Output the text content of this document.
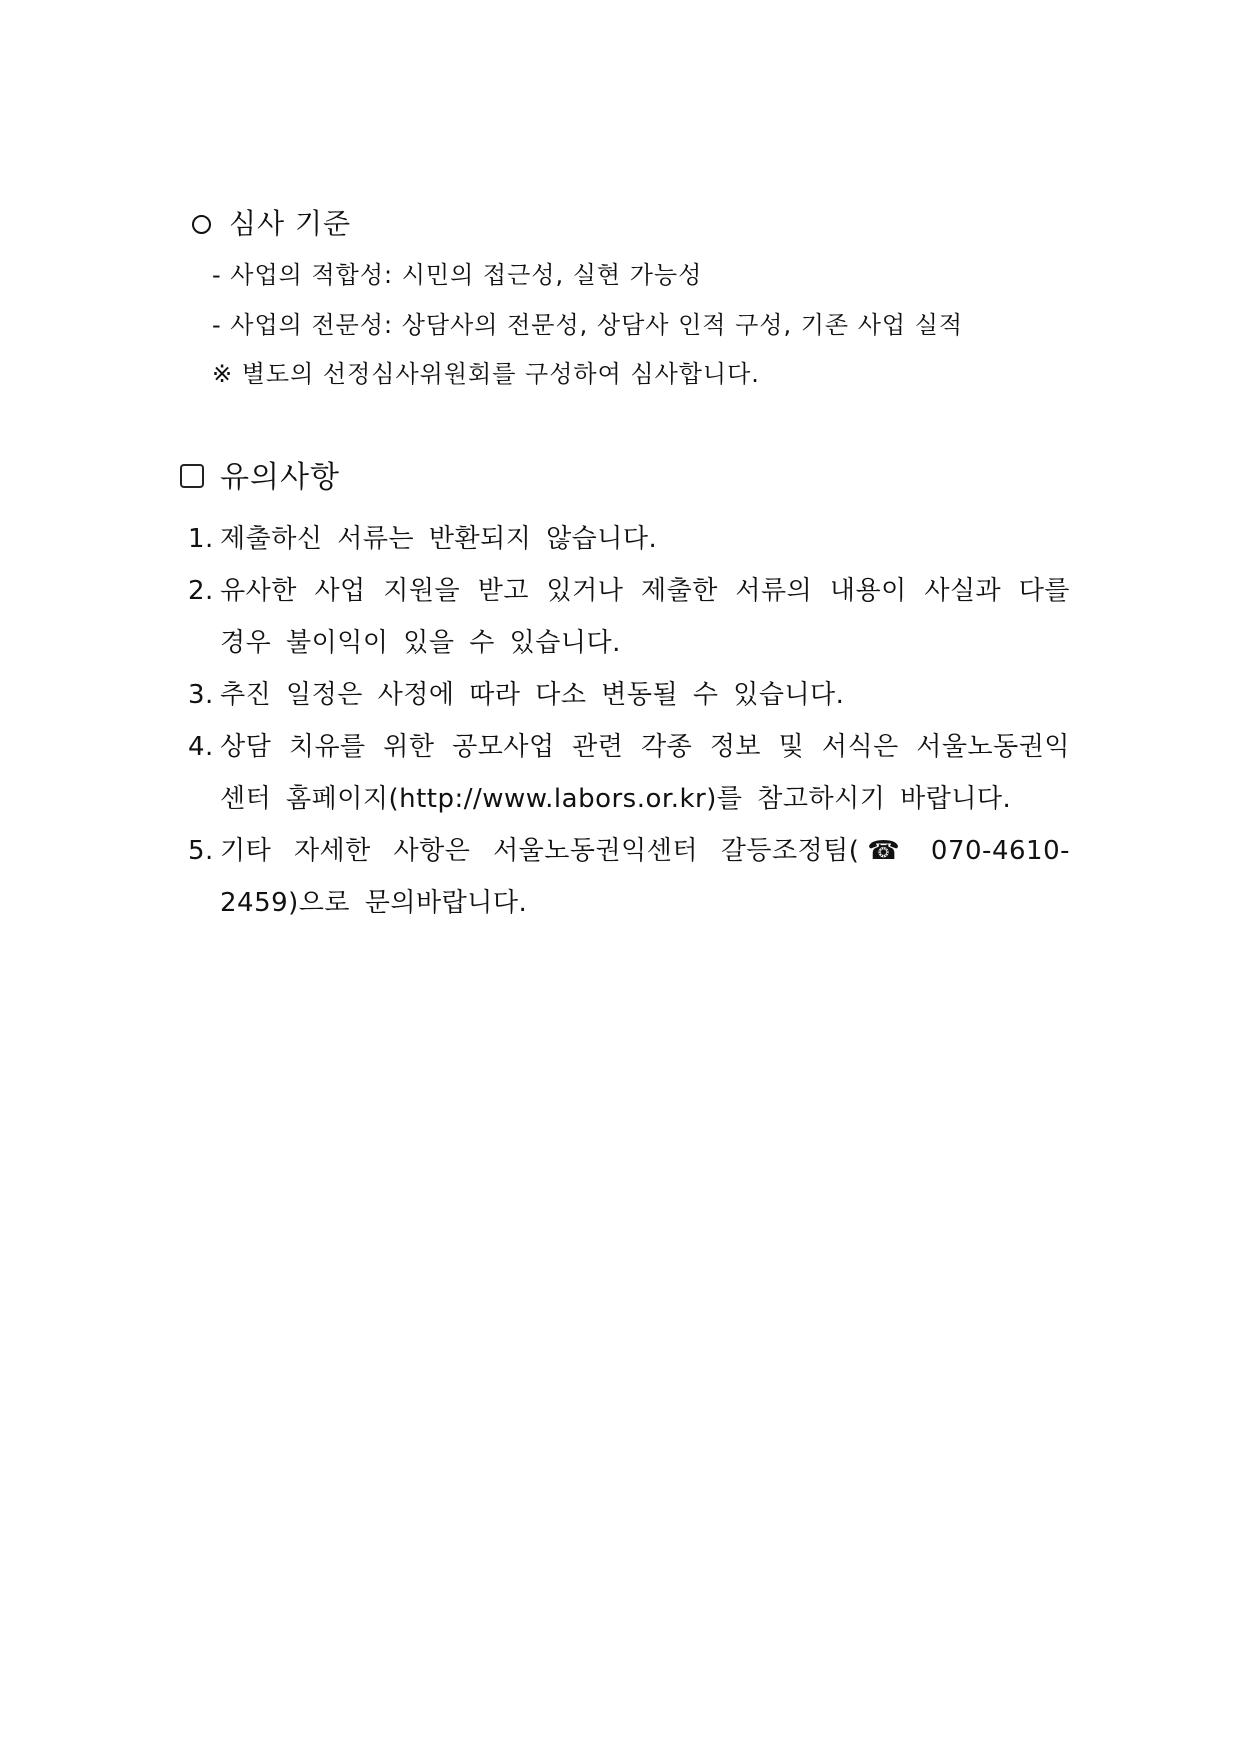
심사 기준
- 사업의 적합성: 시민의 접근성, 실현 가능성
- 사업의 전문성: 상담사의 전문성, 상담사 인적 구성, 기존 사업 실적
※ 별도의 선정심사위원회를 구성하여 심사합니다.
유의사항
1. 제출하신 서류는 반환되지 않습니다.
2. 유사한 사업 지원을 받고 있거나 제출한 서류의 내용이 사실과 다를 경우 불이익이 있을 수 있습니다.
3. 추진 일정은 사정에 따라 다소 변동될 수 있습니다.
4. 상담 치유를 위한 공모사업 관련 각종 정보 및 서식은 서울노동권익센터 홈페이지(http://www.labors.or.kr)를 참고하시기 바랍니다.
5. 기타 자세한 사항은 서울노동권익센터 갈등조정팀(☎ 070-4610-2459)으로 문의바랍니다.
